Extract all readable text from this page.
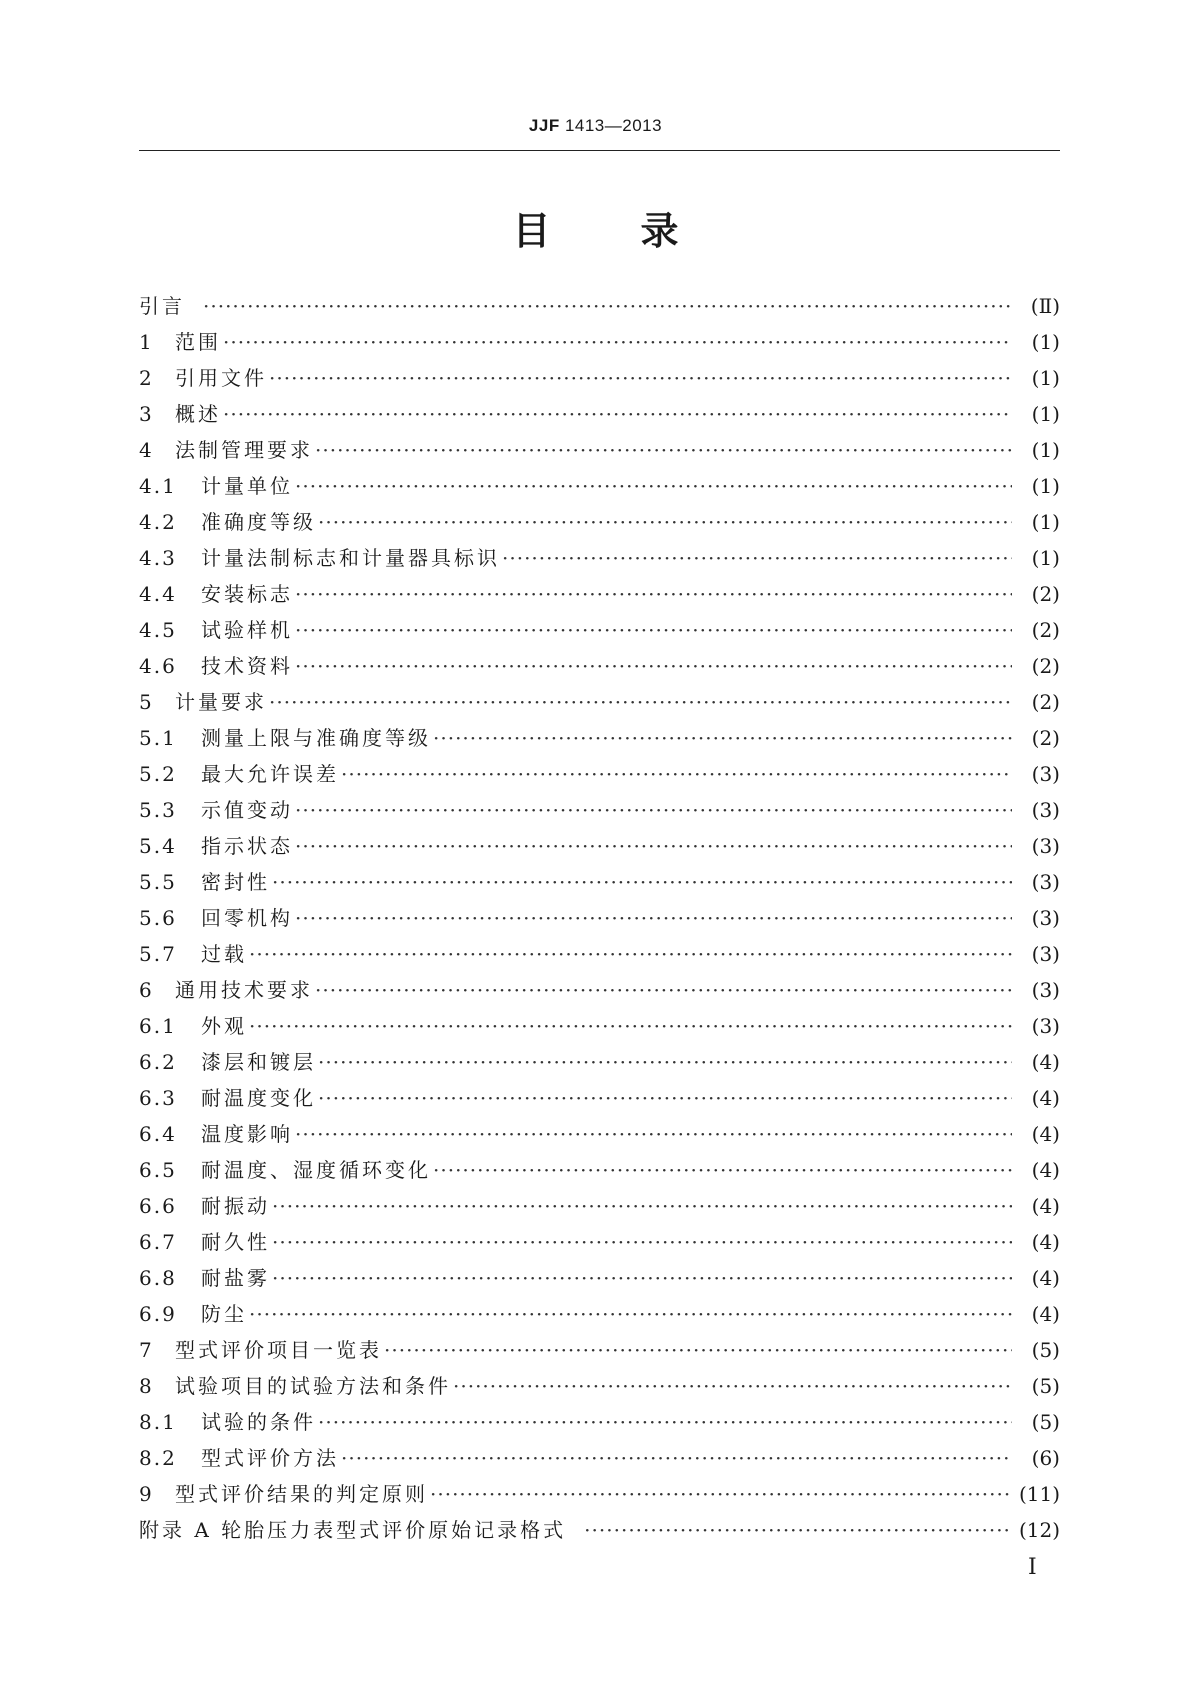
JJF 1413—2013
目 录
引言 ·····	(Ⅱ)
1	范围 ·····	(1)
2	引用文件 ·····	(1)
3	概述 ·····	(1)
4	法制管理要求 ·····	(1)
4.1	计量单位 ·····	(1)
4.2	准确度等级 ·····	(1)
4.3	计量法制标志和计量器具标识 ·····	(1)
4.4	安装标志 ·····	(2)
4.5	试验样机 ·····	(2)
4.6	技术资料 ·····	(2)
5	计量要求 ·····	(2)
5.1	测量上限与准确度等级 ·····	(2)
5.2	最大允许误差 ·····	(3)
5.3	示值变动 ·····	(3)
5.4	指示状态 ·····	(3)
5.5	密封性 ·····	(3)
5.6	回零机构 ·····	(3)
5.7	过载 ·····	(3)
6	通用技术要求 ·····	(3)
6.1	外观 ·····	(3)
6.2	漆层和镀层 ·····	(4)
6.3	耐温度变化 ·····	(4)
6.4	温度影响 ·····	(4)
6.5	耐温度、湿度循环变化 ·····	(4)
6.6	耐振动 ·····	(4)
6.7	耐久性 ·····	(4)
6.8	耐盐雾 ·····	(4)
6.9	防尘 ·····	(4)
7	型式评价项目一览表 ·····	(5)
8	试验项目的试验方法和条件 ·····	(5)
8.1	试验的条件 ·····	(5)
8.2	型式评价方法 ·····	(6)
9	型式评价结果的判定原则 ·····	(11)
附录 A 轮胎压力表型式评价原始记录格式 ·····	(12)
Ⅰ
